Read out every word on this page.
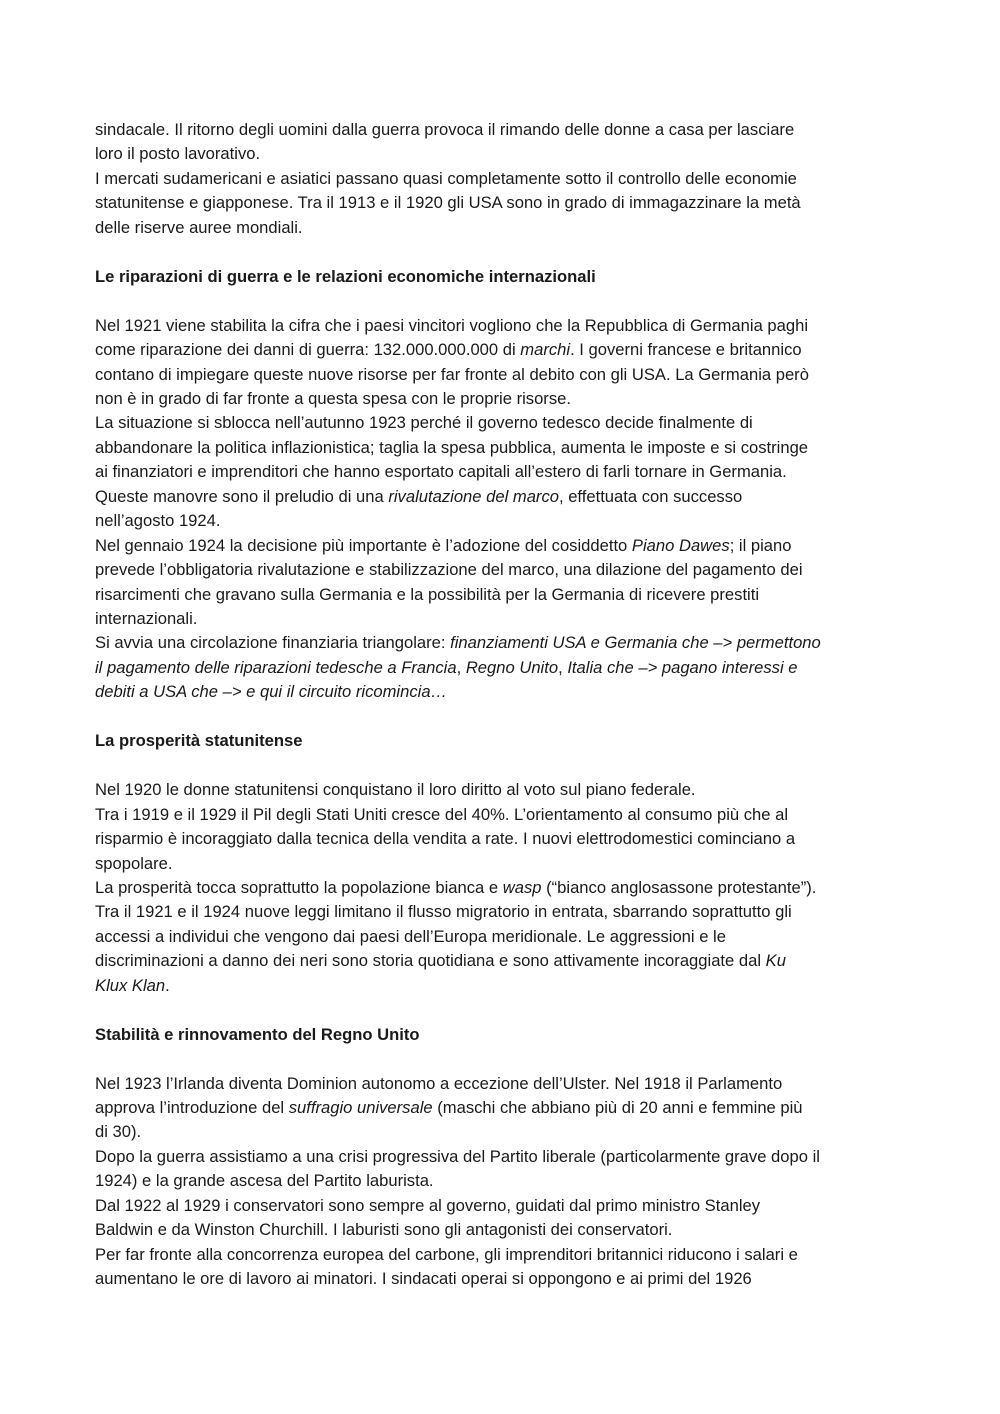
sindacale. Il ritorno degli uomini dalla guerra provoca il rimando delle donne a casa per lasciare
loro il posto lavorativo.
I mercati sudamericani e asiatici passano quasi completamente sotto il controllo delle economie
statunitense e giapponese. Tra il 1913 e il 1920 gli USA sono in grado di immagazzinare la metà
delle riserve auree mondiali.
Le riparazioni di guerra e le relazioni economiche internazionali
Nel 1921 viene stabilita la cifra che i paesi vincitori vogliono che la Repubblica di Germania paghi
come riparazione dei danni di guerra: 132.000.000.000 di marchi. I governi francese e britannico
contano di impiegare queste nuove risorse per far fronte al debito con gli USA. La Germania però
non è in grado di far fronte a questa spesa con le proprie risorse.
La situazione si sblocca nell’autunno 1923 perché il governo tedesco decide finalmente di
abbandonare la politica inflazionistica; taglia la spesa pubblica, aumenta le imposte e si costringe
ai finanziatori e imprenditori che hanno esportato capitali all’estero di farli tornare in Germania.
Queste manovre sono il preludio di una rivalutazione del marco, effettuata con successo
nell’agosto 1924.
Nel gennaio 1924 la decisione più importante è l’adozione del cosiddetto Piano Dawes; il piano
prevede l’obbligatoria rivalutazione e stabilizzazione del marco, una dilazione del pagamento dei
risarcimenti che gravano sulla Germania e la possibilità per la Germania di ricevere prestiti
internazionali.
Si avvia una circolazione finanziaria triangolare: finanziamenti USA e Germania che –> permettono
il pagamento delle riparazioni tedesche a Francia, Regno Unito, Italia che –> pagano interessi e
debiti a USA che –> e qui il circuito ricomincia…
La prosperità statunitense
Nel 1920 le donne statunitensi conquistano il loro diritto al voto sul piano federale.
Tra i 1919 e il 1929 il Pil degli Stati Uniti cresce del 40%. L’orientamento al consumo più che al
risparmio è incoraggiato dalla tecnica della vendita a rate. I nuovi elettrodomestici cominciano a
spopolare.
La prosperità tocca soprattutto la popolazione bianca e wasp (“bianco anglosassone protestante”).
Tra il 1921 e il 1924 nuove leggi limitano il flusso migratorio in entrata, sbarrando soprattutto gli
accessi a individui che vengono dai paesi dell’Europa meridionale. Le aggressioni e le
discriminazioni a danno dei neri sono storia quotidiana e sono attivamente incoraggiate dal Ku
Klux Klan.
Stabilità e rinnovamento del Regno Unito
Nel 1923 l’Irlanda diventa Dominion autonomo a eccezione dell’Ulster. Nel 1918 il Parlamento
approva l’introduzione del suffragio universale (maschi che abbiano più di 20 anni e femmine più
di 30).
Dopo la guerra assistiamo a una crisi progressiva del Partito liberale (particolarmente grave dopo il
1924) e la grande ascesa del Partito laburista.
Dal 1922 al 1929 i conservatori sono sempre al governo, guidati dal primo ministro Stanley
Baldwin e da Winston Churchill. I laburisti sono gli antagonisti dei conservatori.
Per far fronte alla concorrenza europea del carbone, gli imprenditori britannici riducono i salari e
aumentano le ore di lavoro ai minatori. I sindacati operai si oppongono e ai primi del 1926
